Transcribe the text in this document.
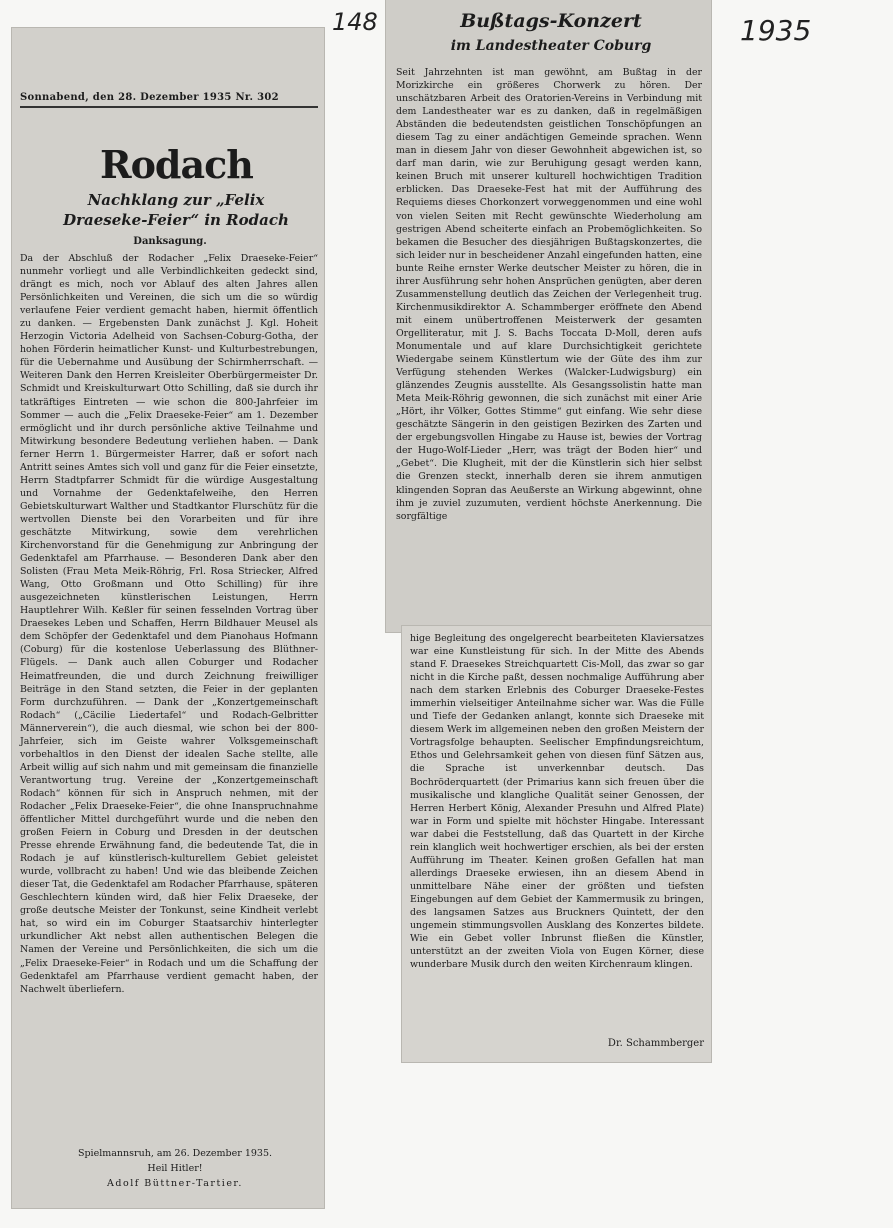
148	1935
Sonnabend, den 28. Dezember 1935 Nr. 302
Rodach
Nachklang zur „Felix Draeseke-Feier“ in Rodach
Danksagung.
Da der Abschluß der Rodacher „Felix Draeseke-Feier“ nunmehr vorliegt und alle Verbindlichkeiten gedeckt sind, drängt es mich, noch vor Ablauf des alten Jahres allen Persönlichkeiten und Vereinen, die sich um die so würdig verlaufene Feier verdient gemacht haben, hiermit öffentlich zu danken. — Ergebensten Dank zunächst J. Kgl. Hoheit Herzogin Victoria Adelheid von Sachsen-Coburg-Gotha, der hohen Förderin heimatlicher Kunst- und Kulturbestrebungen, für die Uebernahme und Ausübung der Schirmherrschaft. — Weiteren Dank den Herren Kreisleiter Oberbürgermeister Dr. Schmidt und Kreiskulturwart Otto Schilling, daß sie durch ihr tatkräftiges Eintreten — wie schon die 800-Jahrfeier im Sommer — auch die „Felix Draeseke-Feier“ am 1. Dezember ermöglicht und ihr durch persönliche aktive Teilnahme und Mitwirkung besondere Bedeutung verliehen haben. — Dank ferner Herrn 1. Bürgermeister Harrer, daß er sofort nach Antritt seines Amtes sich voll und ganz für die Feier einsetzte, Herrn Stadtpfarrer Schmidt für die würdige Ausgestaltung und Vornahme der Gedenktafelweihe, den Herren Gebietskulturwart Walther und Stadtkantor Flurschütz für die wertvollen Dienste bei den Vorarbeiten und für ihre geschätzte Mitwirkung, sowie dem verehrlichen Kirchenvorstand für die Genehmigung zur Anbringung der Gedenktafel am Pfarrhause. — Besonderen Dank aber den Solisten (Frau Meta Meik-Röhrig, Frl. Rosa Striecker, Alfred Wang, Otto Großmann und Otto Schilling) für ihre ausgezeichneten künstlerischen Leistungen, Herrn Hauptlehrer Wilh. Keßler für seinen fesselnden Vortrag über Draesekes Leben und Schaffen, Herrn Bildhauer Meusel als dem Schöpfer der Gedenktafel und dem Pianohaus Hofmann (Coburg) für die kostenlose Ueberlassung des Blüthner-Flügels. — Dank auch allen Coburger und Rodacher Heimatfreunden, die und durch Zeichnung freiwilliger Beiträge in den Stand setzten, die Feier in der geplanten Form durchzuführen. — Dank der „Konzertgemeinschaft Rodach“ („Cäcilie Liedertafel“ und Rodach-Gelbritter Männerverein“), die auch diesmal, wie schon bei der 800-Jahrfeier, sich im Geiste wahrer Volksgemeinschaft vorbehaltlos in den Dienst der idealen Sache stellte, alle Arbeit willig auf sich nahm und mit gemeinsam die finanzielle Verantwortung trug. Vereine der „Konzertgemeinschaft Rodach“ können für sich in Anspruch nehmen, mit der Rodacher „Felix Draeseke-Feier“, die ohne Inanspruchnahme öffentlicher Mittel durchgeführt wurde und die neben den großen Feiern in Coburg und Dresden in der deutschen Presse ehrende Erwähnung fand, die bedeutende Tat, die in Rodach je auf künstlerisch-kulturellem Gebiet geleistet wurde, vollbracht zu haben! Und wie das bleibende Zeichen dieser Tat, die Gedenktafel am Rodacher Pfarrhause, späteren Geschlechtern künden wird, daß hier Felix Draeseke, der große deutsche Meister der Tonkunst, seine Kindheit verlebt hat, so wird ein im Coburger Staatsarchiv hinterlegter urkundlicher Akt nebst allen authentischen Belegen die Namen der Vereine und Persönlichkeiten, die sich um die „Felix Draeseke-Feier“ in Rodach und um die Schaffung der Gedenktafel am Pfarrhause verdient gemacht haben, der Nachwelt überliefern.
Spielmannsruh, am 26. Dezember 1935.
Heil Hitler!
Adolf Büttner-Tartier.
Bußtags-Konzert
im Landestheater Coburg
Seit Jahrzehnten ist man gewöhnt, am Bußtag in der Morizkirche ein größeres Chorwerk zu hören. Der unschätzbaren Arbeit des Oratorien-Vereins in Verbindung mit dem Landestheater war es zu danken, daß in regelmäßigen Abständen die bedeutendsten geistlichen Tonschöpfungen an diesem Tag zu einer andächtigen Gemeinde sprachen. Wenn man in diesem Jahr von dieser Gewohnheit abgewichen ist, so darf man darin, wie zur Beruhigung gesagt werden kann, keinen Bruch mit unserer kulturell hochwichtigen Tradition erblicken. Das Draeseke-Fest hat mit der Aufführung des Requiems dieses Chorkonzert vorweggenommen und eine wohl von vielen Seiten mit Recht gewünschte Wiederholung am gestrigen Abend scheiterte einfach an Probemöglichkeiten. So bekamen die Besucher des diesjährigen Bußtagskonzertes, die sich leider nur in bescheidener Anzahl eingefunden hatten, eine bunte Reihe ernster Werke deutscher Meister zu hören, die in ihrer Ausführung sehr hohen Ansprüchen genügten, aber deren Zusammenstellung deutlich das Zeichen der Verlegenheit trug. Kirchenmusikdirektor A. Schammberger eröffnete den Abend mit einem unübertroffenen Meisterwerk der gesamten Orgelliteratur, mit J. S. Bachs Toccata D-Moll, deren aufs Monumentale und auf klare Durchsichtigkeit gerichtete Wiedergabe seinem Künstlertum wie der Güte des ihm zur Verfügung stehenden Werkes (Walcker-Ludwigsburg) ein glänzendes Zeugnis ausstellte. Als Gesangssolistin hatte man Meta Meik-Röhrig gewonnen, die sich zunächst mit einer Arie „Hört, ihr Völker, Gottes Stimme“ gut einfang. Wie sehr diese geschätzte Sängerin in den geistigen Bezirken des Zarten und der ergebungsvollen Hingabe zu Hause ist, bewies der Vortrag der Hugo-Wolf-Lieder „Herr, was trägt der Boden hier“ und „Gebet“. Die Klugheit, mit der die Künstlerin sich hier selbst die Grenzen steckt, innerhalb deren sie ihrem anmutigen klingenden Sopran das Aeußerste an Wirkung abgewinnt, ohne ihm je zuviel zuzumuten, verdient höchste Anerkennung. Die sorgfältige
hige Begleitung des ongelgerecht bearbeiteten Klaviersatzes war eine Kunstleistung für sich. In der Mitte des Abends stand F. Draesekes Streichquartett Cis-Moll, das zwar so gar nicht in die Kirche paßt, dessen nochmalige Aufführung aber nach dem starken Erlebnis des Coburger Draeseke-Festes immerhin vielseitiger Anteilnahme sicher war. Was die Fülle und Tiefe der Gedanken anlangt, konnte sich Draeseke mit diesem Werk im allgemeinen neben den großen Meistern der Vortragsfolge behaupten. Seelischer Empfindungsreichtum, Ethos und Gelehrsamkeit gehen von diesen fünf Sätzen aus, die Sprache ist unverkennbar deutsch. Das Bochröderquartett (der Primarius kann sich freuen über die musikalische und klangliche Qualität seiner Genossen, der Herren Herbert König, Alexander Presuhn und Alfred Plate) war in Form und spielte mit höchster Hingabe. Interessant war dabei die Feststellung, daß das Quartett in der Kirche rein klanglich weit hochwertiger erschien, als bei der ersten Aufführung im Theater. Keinen großen Gefallen hat man allerdings Draeseke erwiesen, ihn an diesem Abend in unmittelbare Nähe einer der größten und tiefsten Eingebungen auf dem Gebiet der Kammermusik zu bringen, des langsamen Satzes aus Bruckners Quintett, der den ungemein stimmungsvollen Ausklang des Konzertes bildete. Wie ein Gebet voller Inbrunst fließen die Künstler, unterstützt an der zweiten Viola von Eugen Körner, diese wunderbare Musik durch den weiten Kirchenraum klingen.
Dr. Schammberger
